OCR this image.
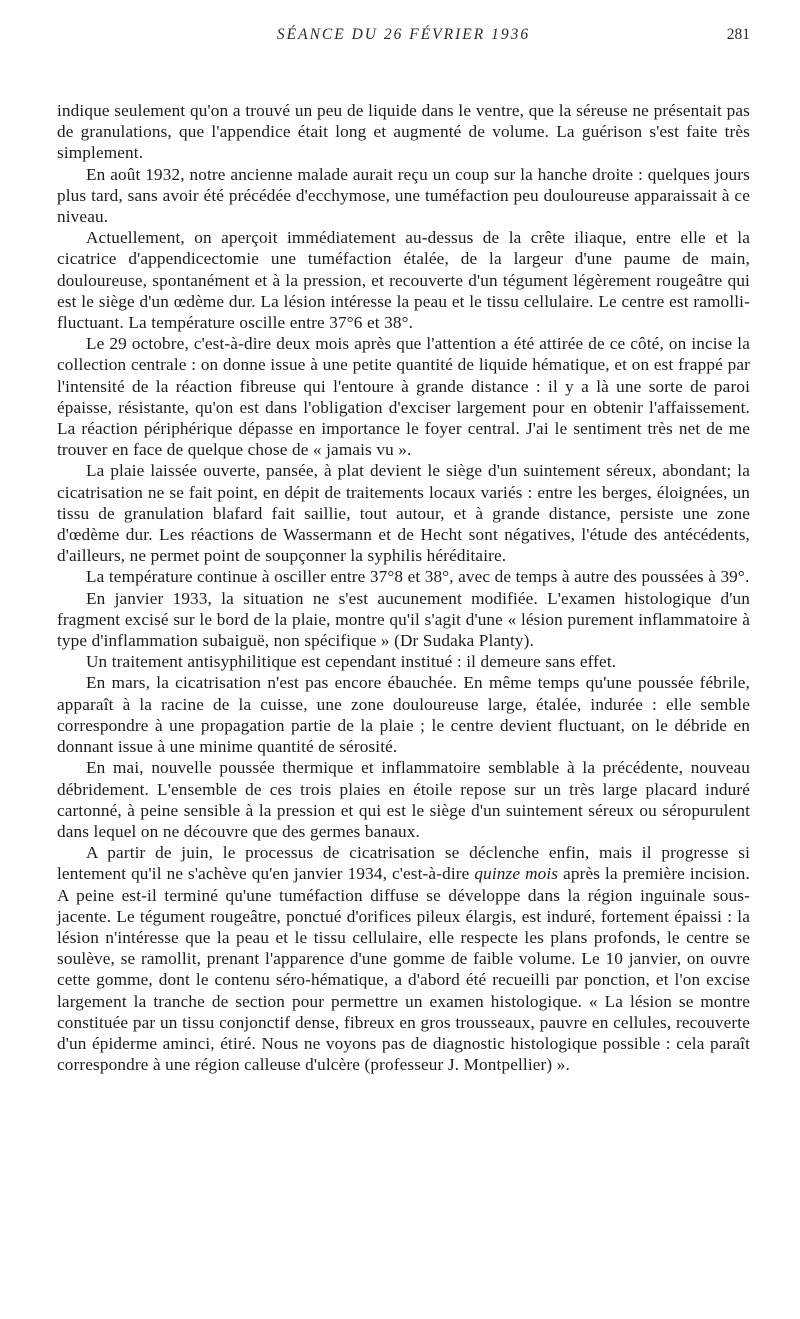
SÉANCE DU 26 FÉVRIER 1936	281

indique seulement qu'on a trouvé un peu de liquide dans le ventre, que la séreuse ne présentait pas de granulations, que l'appendice était long et augmenté de volume. La guérison s'est faite très simplement.

En août 1932, notre ancienne malade aurait reçu un coup sur la hanche droite : quelques jours plus tard, sans avoir été précédée d'ecchymose, une tuméfaction peu douloureuse apparaissait à ce niveau.

Actuellement, on aperçoit immédiatement au-dessus de la crête iliaque, entre elle et la cicatrice d'appendicectomie une tuméfaction étalée, de la largeur d'une paume de main, douloureuse, spontanément et à la pression, et recouverte d'un tégument légèrement rougeâtre qui est le siège d'un œdème dur. La lésion intéresse la peau et le tissu cellulaire. Le centre est ramolli-fluctuant. La température oscille entre 37°6 et 38°.

Le 29 octobre, c'est-à-dire deux mois après que l'attention a été attirée de ce côté, on incise la collection centrale : on donne issue à une petite quantité de liquide hématique, et on est frappé par l'intensité de la réaction fibreuse qui l'entoure à grande distance : il y a là une sorte de paroi épaisse, résistante, qu'on est dans l'obligation d'exciser largement pour en obtenir l'affaissement. La réaction périphérique dépasse en importance le foyer central. J'ai le sentiment très net de me trouver en face de quelque chose de « jamais vu ».

La plaie laissée ouverte, pansée, à plat devient le siège d'un suintement séreux, abondant; la cicatrisation ne se fait point, en dépit de traitements locaux variés : entre les berges, éloignées, un tissu de granulation blafard fait saillie, tout autour, et à grande distance, persiste une zone d'œdème dur. Les réactions de Wassermann et de Hecht sont négatives, l'étude des antécédents, d'ailleurs, ne permet point de soupçonner la syphilis héréditaire.

La température continue à osciller entre 37°8 et 38°, avec de temps à autre des poussées à 39°.

En janvier 1933, la situation ne s'est aucunement modifiée. L'examen histologique d'un fragment excisé sur le bord de la plaie, montre qu'il s'agit d'une « lésion purement inflammatoire à type d'inflammation subaiguë, non spécifique » (Dr Sudaka Planty).

Un traitement antisyphilitique est cependant institué : il demeure sans effet.

En mars, la cicatrisation n'est pas encore ébauchée. En même temps qu'une poussée fébrile, apparaît à la racine de la cuisse, une zone douloureuse large, étalée, indurée : elle semble correspondre à une propagation partie de la plaie ; le centre devient fluctuant, on le débride en donnant issue à une minime quantité de sérosité.

En mai, nouvelle poussée thermique et inflammatoire semblable à la précédente, nouveau débridement. L'ensemble de ces trois plaies en étoile repose sur un très large placard induré cartonné, à peine sensible à la pression et qui est le siège d'un suintement séreux ou séropurulent dans lequel on ne découvre que des germes banaux.

A partir de juin, le processus de cicatrisation se déclenche enfin, mais il progresse si lentement qu'il ne s'achève qu'en janvier 1934, c'est-à-dire quinze mois après la première incision. A peine est-il terminé qu'une tuméfaction diffuse se développe dans la région inguinale sous-jacente. Le tégument rougeâtre, ponctué d'orifices pileux élargis, est induré, fortement épaissi : la lésion n'intéresse que la peau et le tissu cellulaire, elle respecte les plans profonds, le centre se soulève, se ramollit, prenant l'apparence d'une gomme de faible volume. Le 10 janvier, on ouvre cette gomme, dont le contenu séro-hématique, a d'abord été recueilli par ponction, et l'on excise largement la tranche de section pour permettre un examen histologique. « La lésion se montre constituée par un tissu conjonctif dense, fibreux en gros trousseaux, pauvre en cellules, recouverte d'un épiderme aminci, étiré. Nous ne voyons pas de diagnostic histologique possible : cela paraît correspondre à une région calleuse d'ulcère (professeur J. Montpellier) ».
